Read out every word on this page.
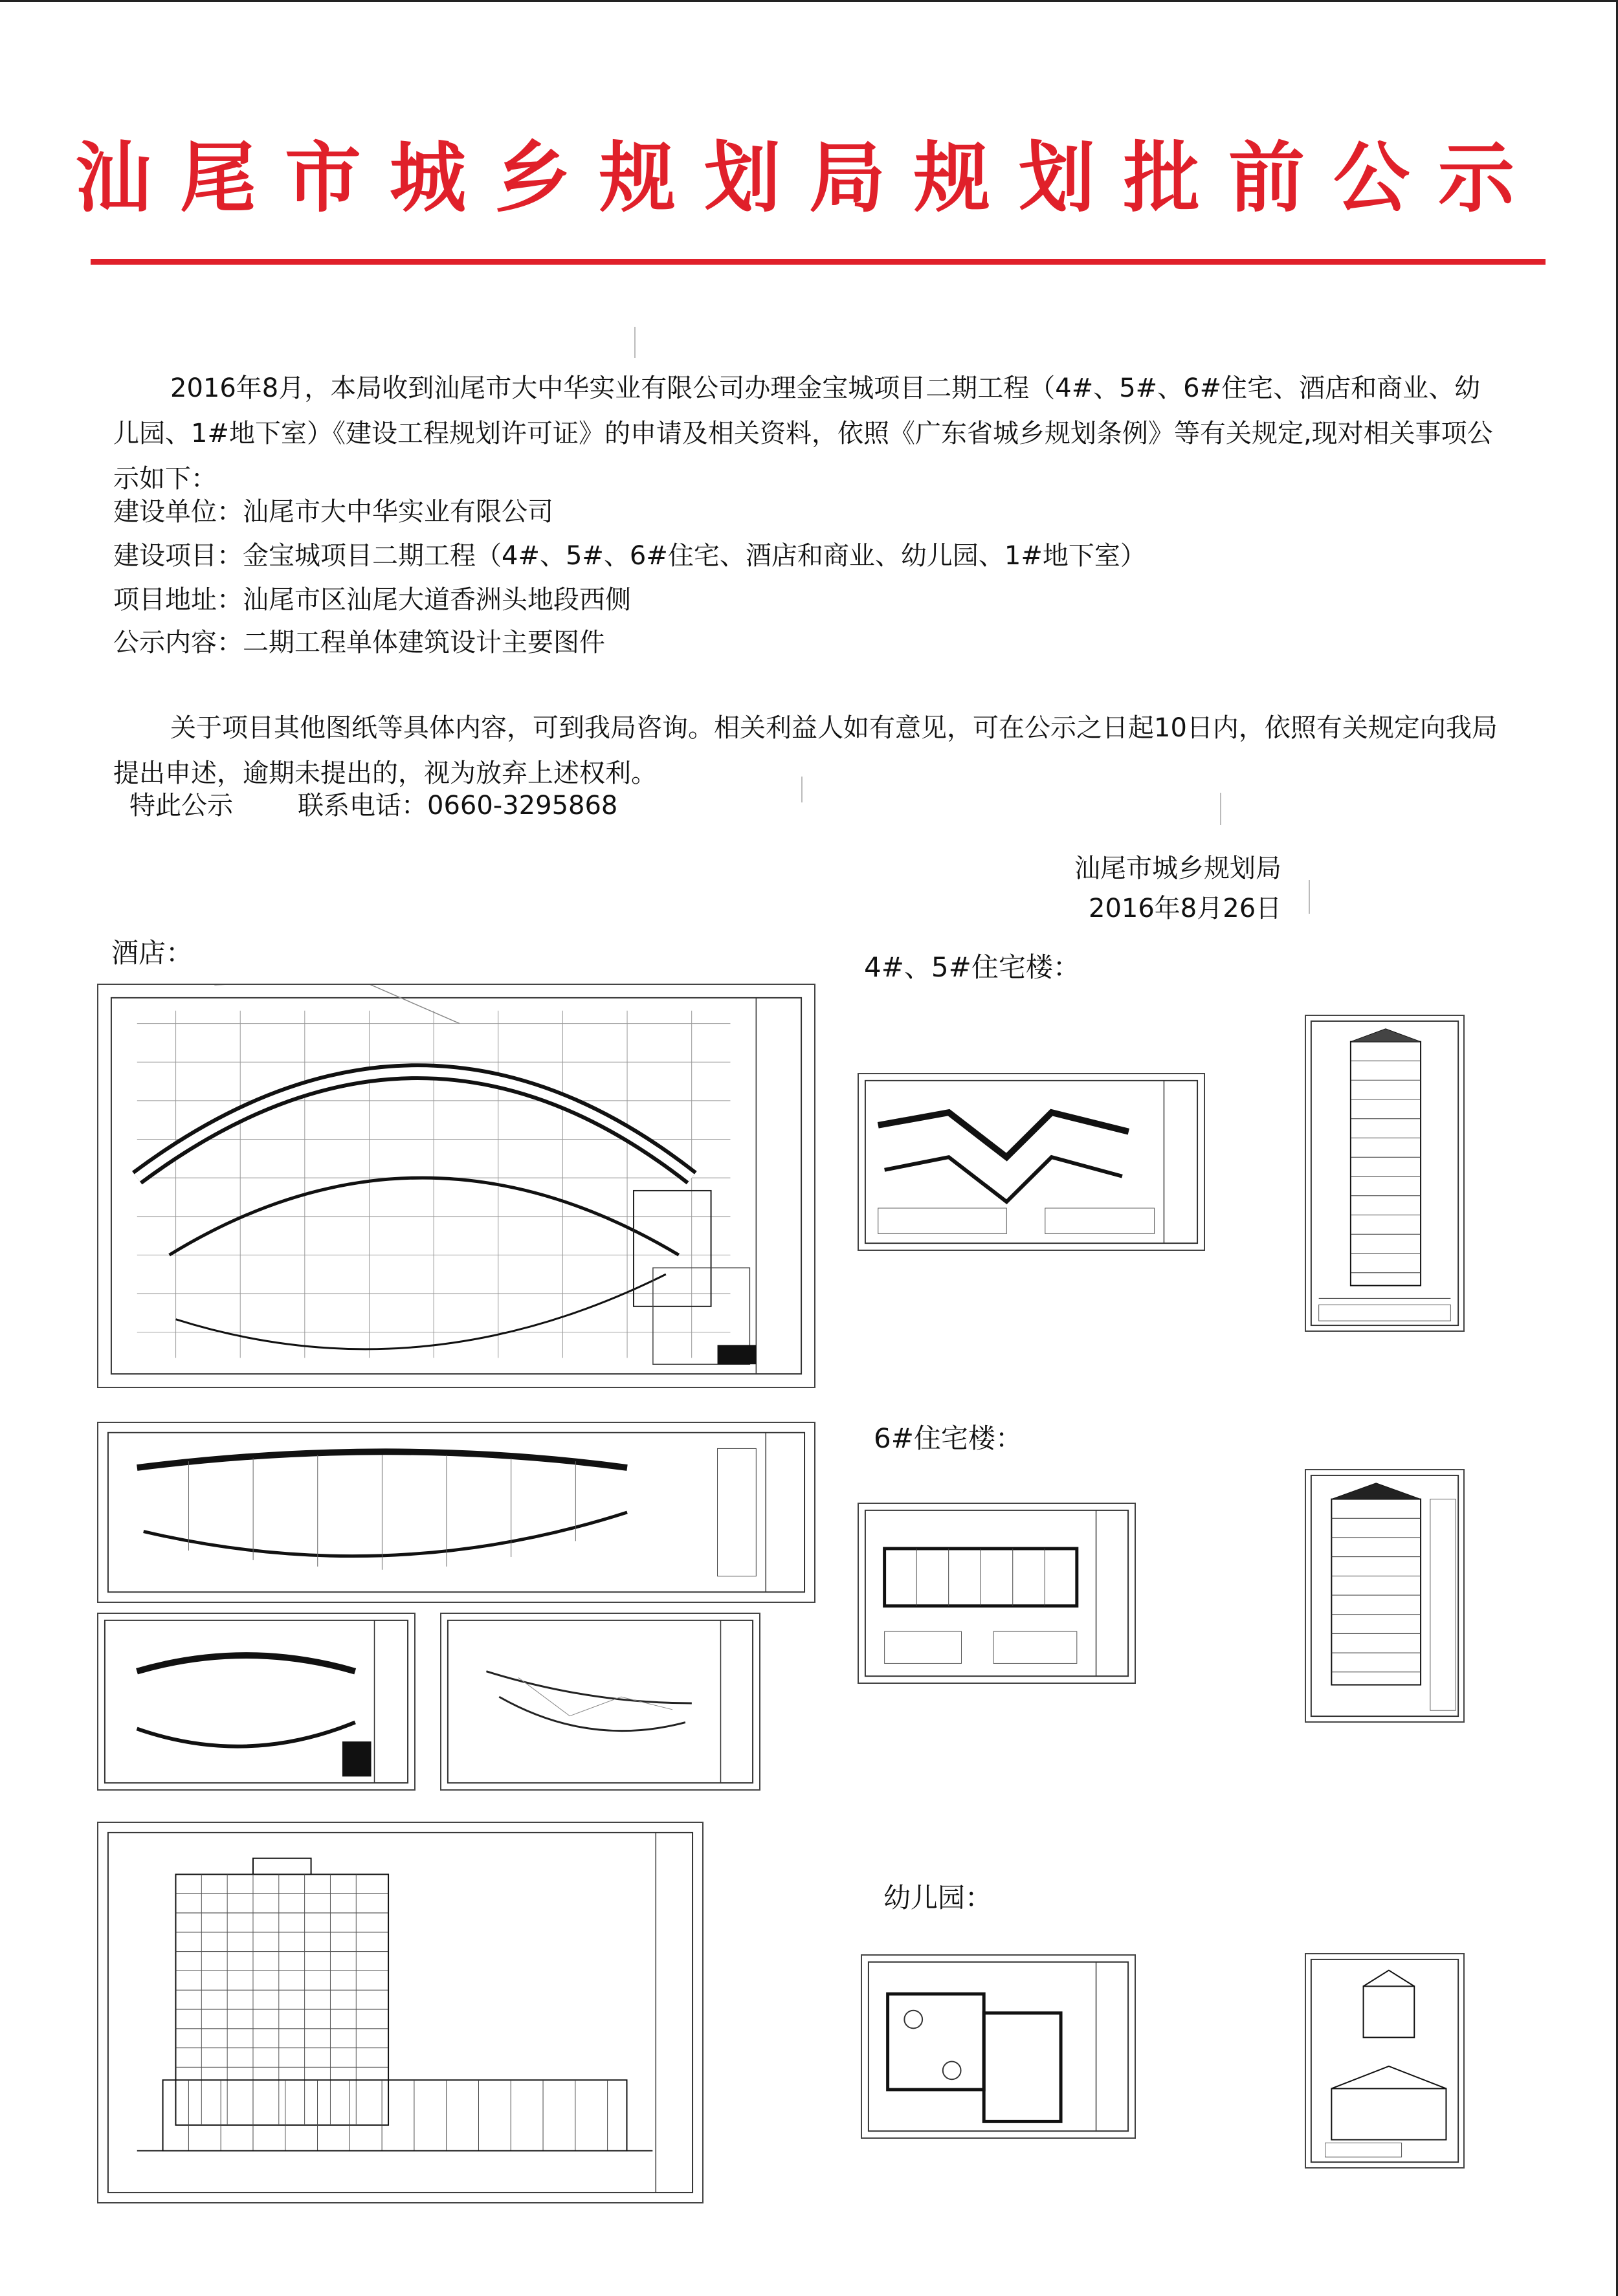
汕尾市城乡规划局规划批前公示

2016年8月，本局收到汕尾市大中华实业有限公司办理金宝城项目二期工程（4#、5#、6#住宅、酒店和商业、幼儿园、1#地下室）《建设工程规划许可证》的申请及相关资料，依照《广东省城乡规划条例》等有关规定,现对相关事项公示如下：

建设单位：汕尾市大中华实业有限公司
建设项目：金宝城项目二期工程（4#、5#、6#住宅、酒店和商业、幼儿园、1#地下室）
项目地址：汕尾市区汕尾大道香洲头地段西侧
公示内容：二期工程单体建筑设计主要图件

关于项目其他图纸等具体内容，可到我局咨询。相关利益人如有意见，可在公示之日起10日内，依照有关规定向我局提出申述，逾期未提出的，视为放弃上述权利。

特此公示	联系电话：0660-3295868
汕尾市城乡规划局
2016年8月26日
酒店：	4#、5#住宅楼：
6#住宅楼：
幼儿园：
